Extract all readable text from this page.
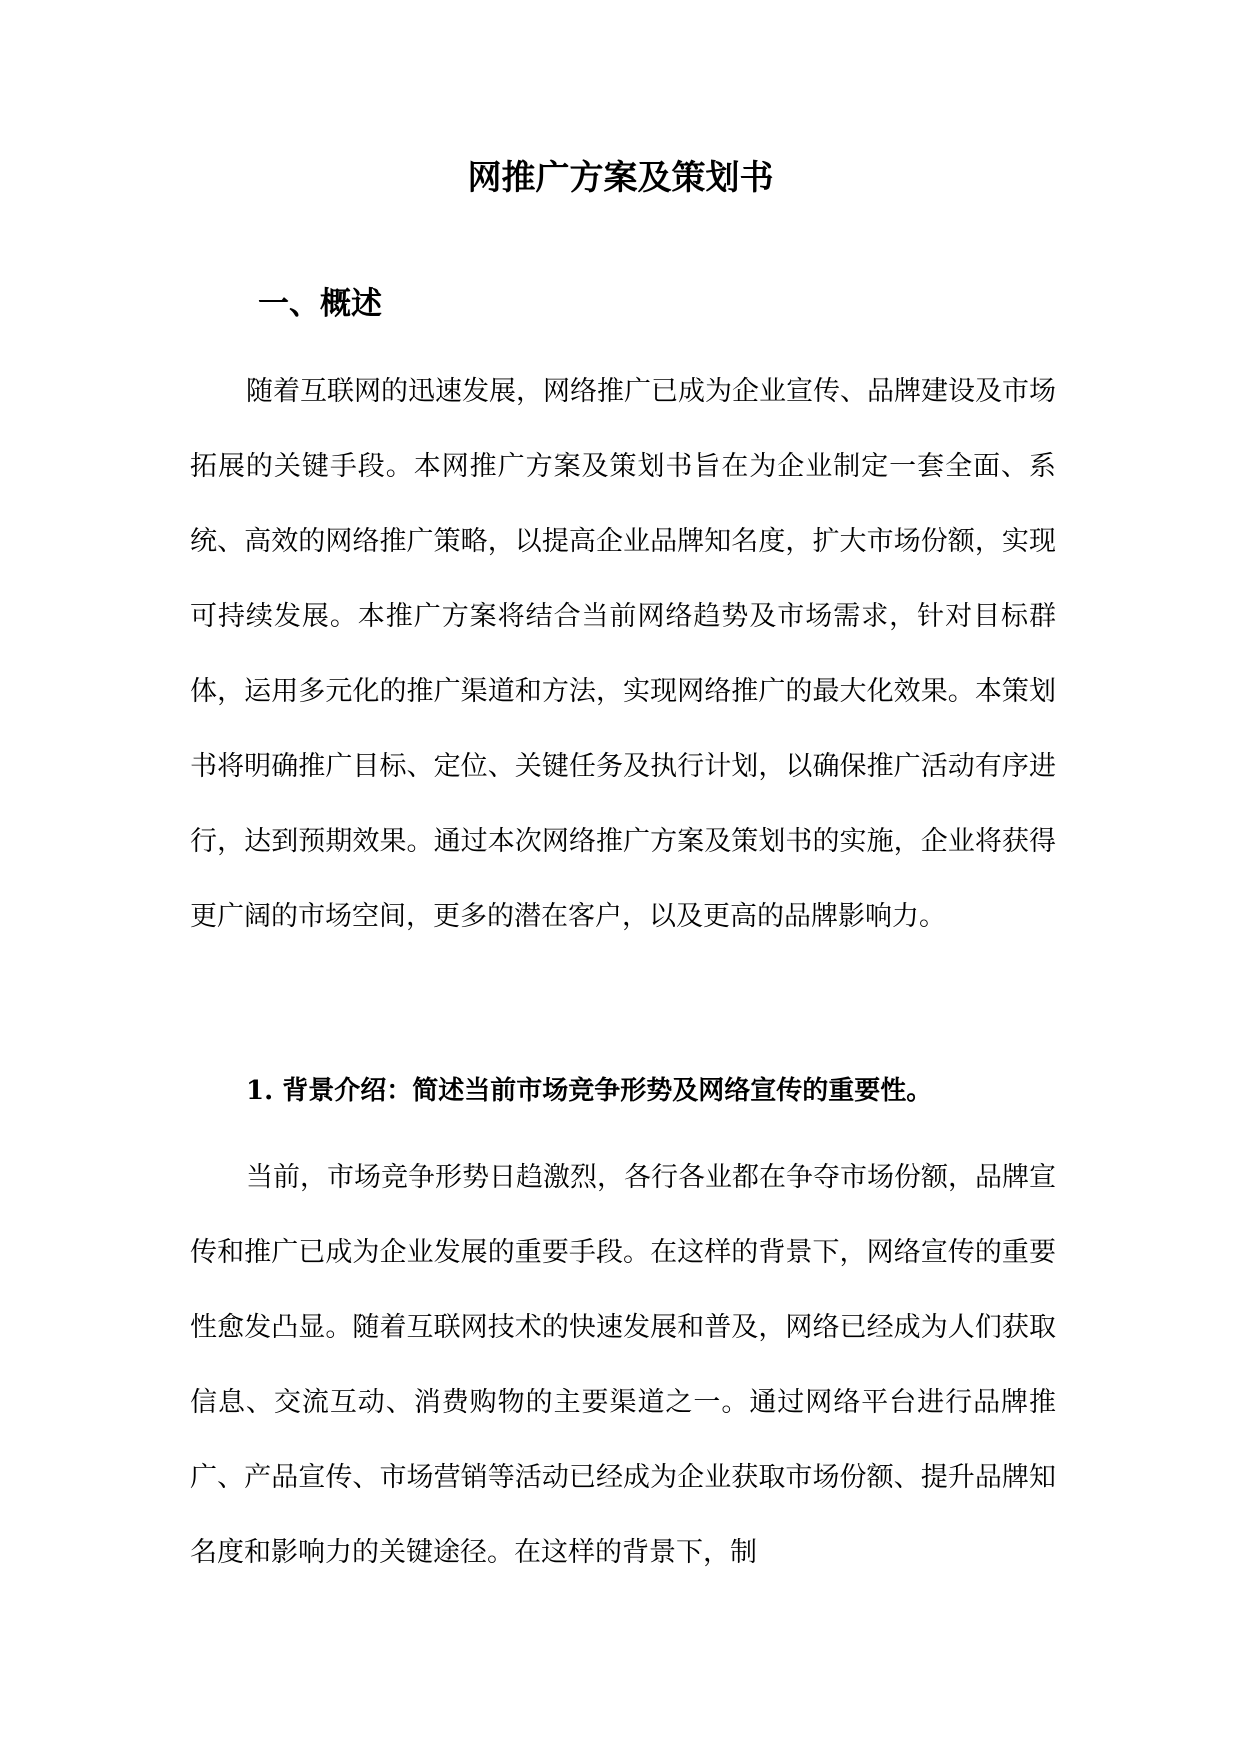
网推广方案及策划书
一、概述

随着互联网的迅速发展，网络推广已成为企业宣传、品牌建设及市场拓展的关键手段。本网推广方案及策划书旨在为企业制定一套全面、系统、高效的网络推广策略，以提高企业品牌知名度，扩大市场份额，实现可持续发展。本推广方案将结合当前网络趋势及市场需求，针对目标群体，运用多元化的推广渠道和方法，实现网络推广的最大化效果。本策划书将明确推广目标、定位、关键任务及执行计划，以确保推广活动有序进行，达到预期效果。通过本次网络推广方案及策划书的实施，企业将获得更广阔的市场空间，更多的潜在客户，以及更高的品牌影响力。

1. 背景介绍：简述当前市场竞争形势及网络宣传的重要性。

当前，市场竞争形势日趋激烈，各行各业都在争夺市场份额，品牌宣传和推广已成为企业发展的重要手段。在这样的背景下，网络宣传的重要性愈发凸显。随着互联网技术的快速发展和普及，网络已经成为人们获取信息、交流互动、消费购物的主要渠道之一。通过网络平台进行品牌推广、产品宣传、市场营销等活动已经成为企业获取市场份额、提升品牌知名度和影响力的关键途径。在这样的背景下，制
